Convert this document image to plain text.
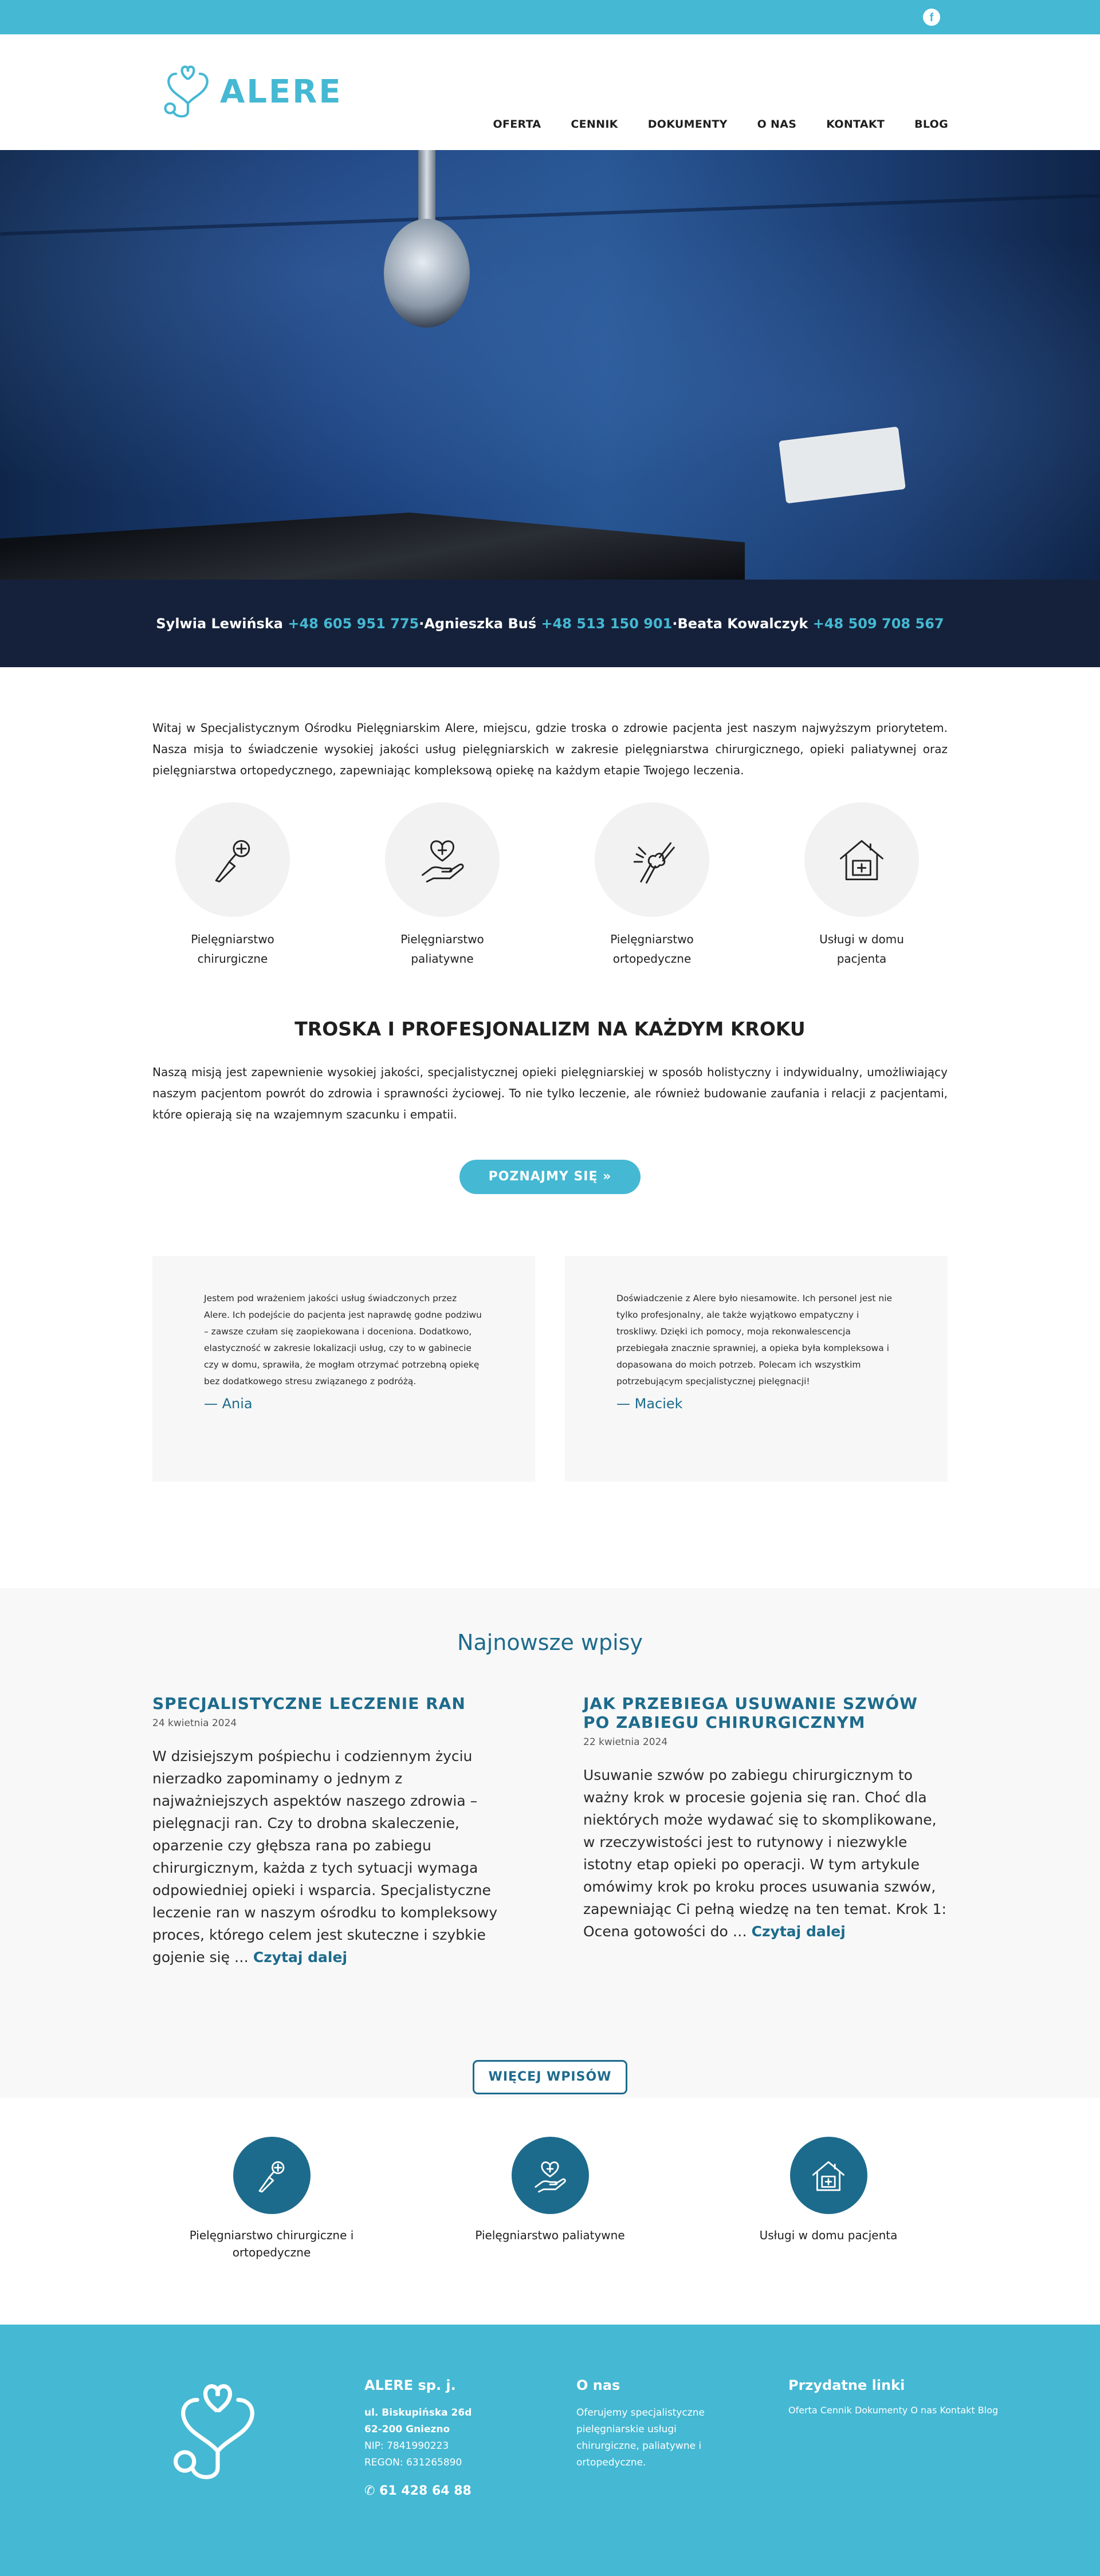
f
ALERE
OFERTA	CENNIK	DOKUMENTY	O NAS	KONTAKT	BLOG
Sylwia Lewińska
+48 605 951 775 · Agnieszka Buś
+48 513 150 901 · Beata Kowalczyk
+48 509 708 567

Witaj w Specjalistycznym Ośrodku Pielęgniarskim Alere, miejscu, gdzie troska o zdrowie pacjenta jest naszym najwyższym priorytetem. Nasza misja to świadczenie wysokiej jakości usług pielęgniarskich w zakresie pielęgniarstwa chirurgicznego, opieki paliatywnej oraz pielęgniarstwa ortopedycznego, zapewniając kompleksową opiekę na każdym etapie Twojego leczenia.

Pielęgniarstwo chirurgiczne
Pielęgniarstwo paliatywne
Pielęgniarstwo ortopedyczne
Usługi w domu pacjenta
TROSKA I PROFESJONALIZM NA KAŻDYM KROKU

Naszą misją jest zapewnienie wysokiej jakości, specjalistycznej opieki pielęgniarskiej w sposób holistyczny i indywidualny, umożliwiający naszym pacjentom powrót do zdrowia i sprawności życiowej. To nie tylko leczenie, ale również budowanie zaufania i relacji z pacjentami, które opierają się na wzajemnym szacunku i empatii.

POZNAJMY SIĘ »

Jestem pod wrażeniem jakości usług świadczonych przez Alere. Ich podejście do pacjenta jest naprawdę godne podziwu – zawsze czułam się zaopiekowana i doceniona. Dodatkowo, elastyczność w zakresie lokalizacji usług, czy to w gabinecie czy w domu, sprawiła, że mogłam otrzymać potrzebną opiekę bez dodatkowego stresu związanego z podróżą.

— Ania

Doświadczenie z Alere było niesamowite. Ich personel jest nie tylko profesjonalny, ale także wyjątkowo empatyczny i troskliwy. Dzięki ich pomocy, moja rekonwalescencja przebiegała znacznie sprawniej, a opieka była kompleksowa i dopasowana do moich potrzeb. Polecam ich wszystkim potrzebującym specjalistycznej pielęgnacji!

— Maciek
Najnowsze wpisy
SPECJALISTYCZNE LECZENIE RAN
24 kwietnia 2024

W dzisiejszym pośpiechu i codziennym życiu nierzadko zapominamy o jednym z najważniejszych aspektów naszego zdrowia – pielęgnacji ran. Czy to drobna skaleczenie, oparzenie czy głębsza rana po zabiegu chirurgicznym, każda z tych sytuacji wymaga odpowiedniej opieki i wsparcia. Specjalistyczne leczenie ran w naszym ośrodku to kompleksowy proces, którego celem jest skuteczne i szybkie gojenie się … Czytaj dalej

JAK PRZEBIEGA USUWANIE SZWÓW PO ZABIEGU CHIRURGICZNYM
22 kwietnia 2024

Usuwanie szwów po zabiegu chirurgicznym to ważny krok w procesie gojenia się ran. Choć dla niektórych może wydawać się to skomplikowane, w rzeczywistości jest to rutynowy i niezwykle istotny etap opieki po operacji. W tym artykule omówimy krok po kroku proces usuwania szwów, zapewniając Ci pełną wiedzę na ten temat. Krok 1: Ocena gotowości do … Czytaj dalej

WIĘCEJ WPISÓW
Pielęgniarstwo chirurgiczne i ortopedyczne
Pielęgniarstwo paliatywne	Usługi w domu pacjenta
ALERE sp. j.
ul. Biskupińska 26d
62-200 Gniezno
NIP: 7841990223
REGON: 631265890
✆ 61 428 64 88
O nas
Oferujemy specjalistyczne pielęgniarskie usługi chirurgiczne, paliatywne i ortopedyczne.
Przydatne linki
Oferta Cennik Dokumenty O nas Kontakt Blog
